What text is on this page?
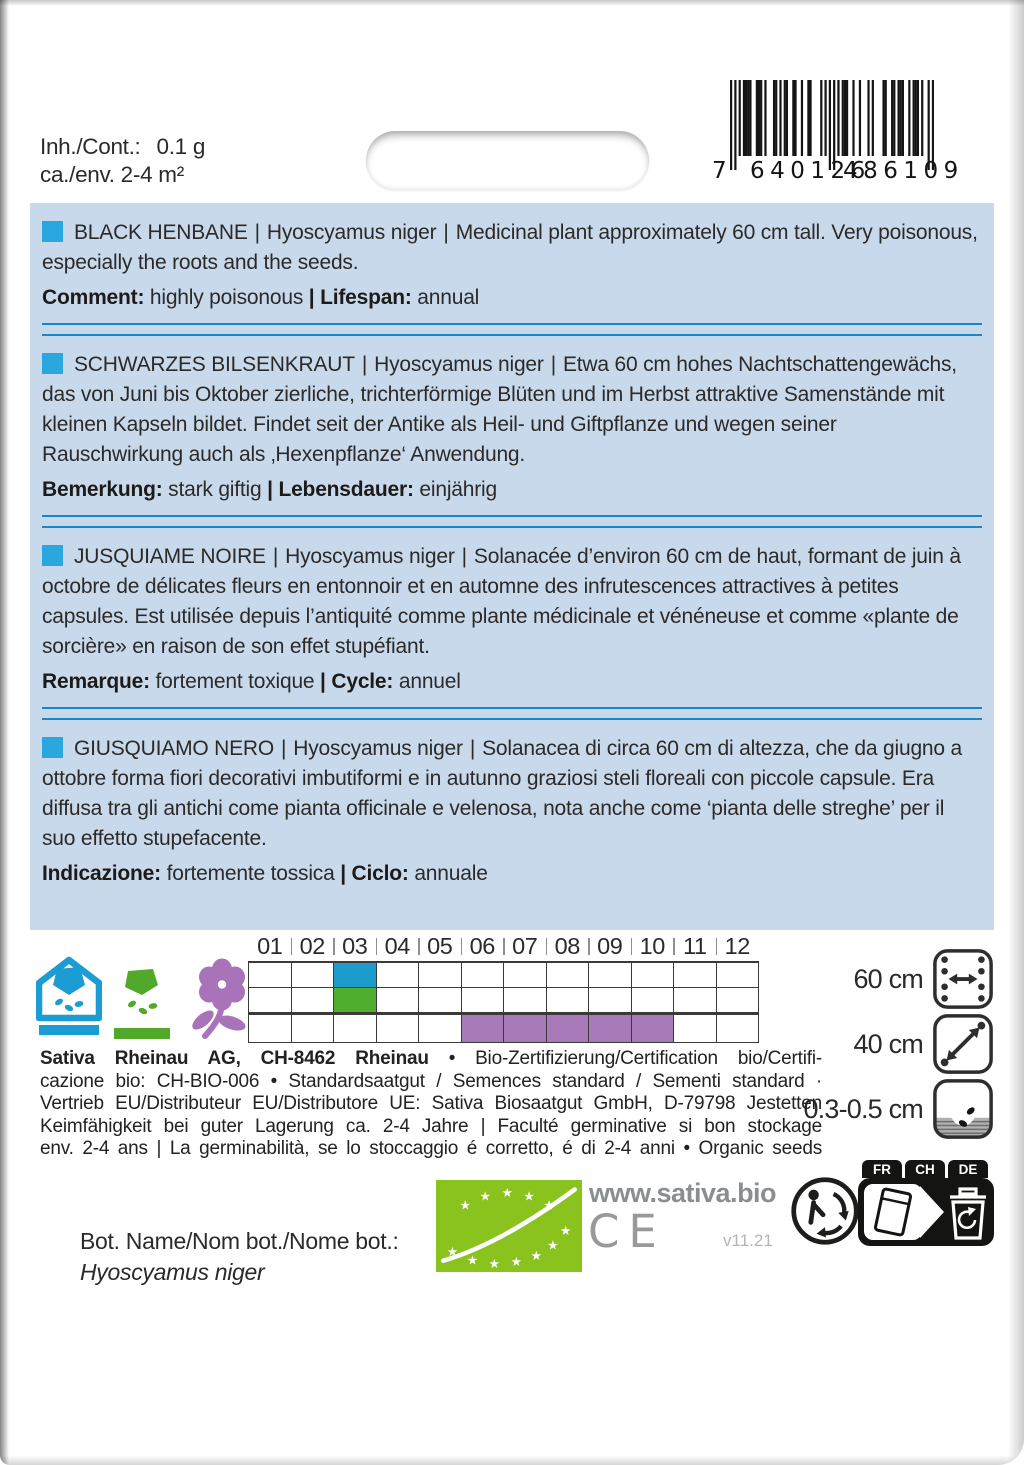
Inh./Cont.: 0.1 g
ca./env. 2-4 m²	7 640126
486109

BLACK HENBANE | Hyoscyamus niger | Medicinal plant approximately 60 cm tall. Very poisonous, especially the roots and the seeds.

Comment: highly poisonous | Lifespan: annual

SCHWARZES BILSENKRAUT | Hyoscyamus niger | Etwa 60 cm hohes Nachtschattengewächs, das von Juni bis Oktober zierliche, trichterförmige Blüten und im Herbst attraktive Samenstände mit kleinen Kapseln bildet. Findet seit der Antike als Heil- und Giftpflanze und wegen seiner Rauschwirkung auch als ‚Hexenpflanze‘ Anwendung.

Bemerkung: stark giftig | Lebensdauer: einjährig

JUSQUIAME NOIRE | Hyoscyamus niger | Solanacée d’environ 60 cm de haut, formant de juin à octobre de délicates fleurs en entonnoir et en automne des infrutescences attractives à petites capsules. Est utilisée depuis l’antiquité comme plante médicinale et vénéneuse et comme «plante de sorcière» en raison de son effet stupéfiant.

Remarque: fortement toxique | Cycle: annuel

GIUSQUIAMO NERO | Hyoscyamus niger | Solanacea di circa 60 cm di altezza, che da giugno a ottobre forma fiori decorativi imbutiformi e in autunno graziosi steli floreali con piccole capsule. Era diffusa tra gli antichi come pianta officinale e velenosa, nota anche come ‘pianta delle streghe’ per il suo effetto stupefacente.

Indicazione: fortemente tossica | Ciclo: annuale

01	02	03	04	05	06	07	08	09	10	11	12

60 cm
40 cm
0.3-0.5 cm
Sativa Rheinau AG, CH-8462 Rheinau • Bio-Zertifizierung/Certification bio/Certifi-
cazione bio: CH-BIO-006 • Standardsaatgut / Semences standard / Sementi standard ·
Vertrieb EU/Distributeur EU/Distributore UE: Sativa Biosaatgut GmbH, D-79798 Jestetten
Keimfähigkeit bei guter Lagerung ca. 2-4 Jahre | Faculté germinative si bon stockage
env. 2-4 ans | La germinabilità, se lo stoccaggio é corretto, é di 2-4 anni • Organic seeds
★
★ ★ ★ ★
★
★
★
★
★
★
★	www.sativa.bio
CE	v11.21
FR	CH	DE
Bot. Name/Nom bot./Nome bot.:
Hyoscyamus niger
